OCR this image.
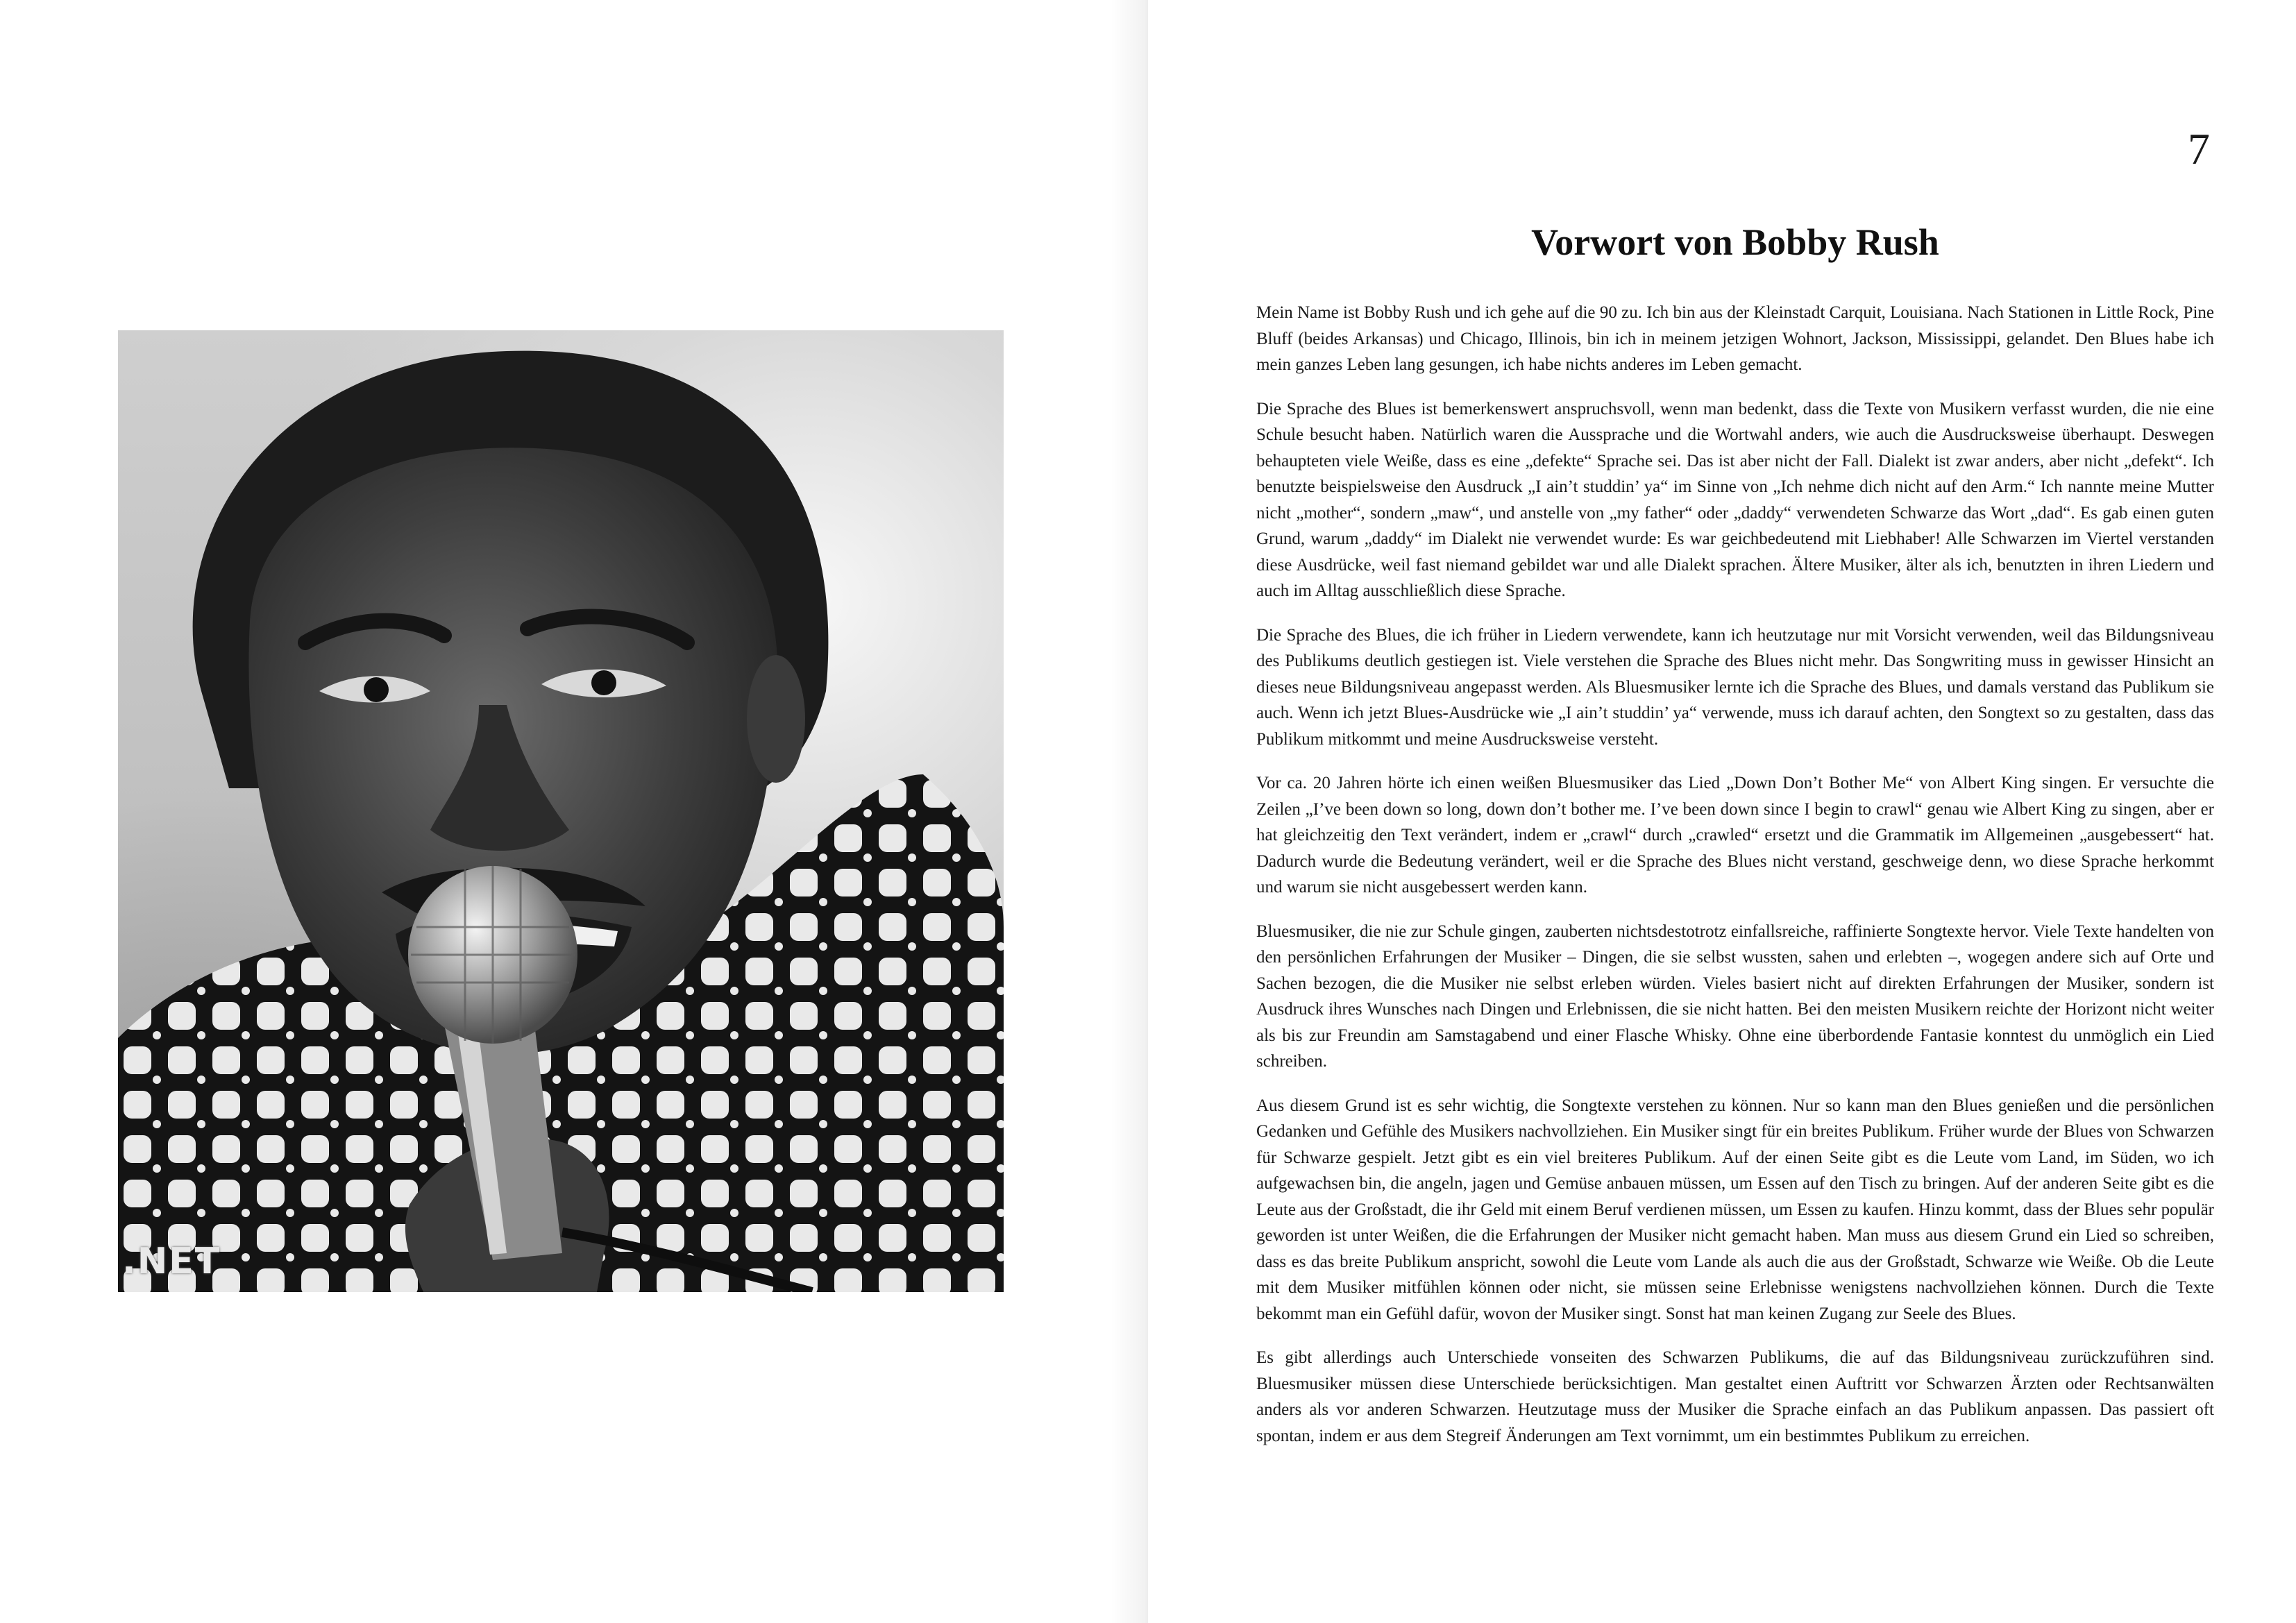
.NET
7
Vorwort von Bobby Rush

Mein Name ist Bobby Rush und ich gehe auf die 90 zu. Ich bin aus der Kleinstadt Carquit, Louisiana. Nach Stationen in Little Rock, Pine Bluff (beides Arkansas) und Chicago, Illinois, bin ich in meinem jetzigen Wohnort, Jackson, Mississippi, gelandet. Den Blues habe ich mein ganzes Leben lang gesungen, ich habe nichts anderes im Leben gemacht.

Die Sprache des Blues ist bemerkenswert anspruchsvoll, wenn man bedenkt, dass die Texte von Musikern verfasst wurden, die nie eine Schule besucht haben. Natürlich waren die Aussprache und die Wortwahl anders, wie auch die Ausdrucksweise überhaupt. Deswegen behaupteten viele Weiße, dass es eine „defekte“ Sprache sei. Das ist aber nicht der Fall. Dialekt ist zwar anders, aber nicht „defekt“. Ich benutzte beispielsweise den Ausdruck „I ain’t studdin’ ya“ im Sinne von „Ich nehme dich nicht auf den Arm.“ Ich nannte meine Mutter nicht „mother“, sondern „maw“, und anstelle von „my father“ oder „daddy“ verwendeten Schwarze das Wort „dad“. Es gab einen guten Grund, warum „daddy“ im Dialekt nie verwendet wurde: Es war geichbedeutend mit Liebhaber! Alle Schwarzen im Viertel verstanden diese Ausdrücke, weil fast niemand gebildet war und alle Dialekt sprachen. Ältere Musiker, älter als ich, benutzten in ihren Liedern und auch im Alltag ausschließlich diese Sprache.

Die Sprache des Blues, die ich früher in Liedern verwendete, kann ich heutzutage nur mit Vorsicht verwenden, weil das Bildungsniveau des Publikums deutlich gestiegen ist. Viele verstehen die Sprache des Blues nicht mehr. Das Songwriting muss in gewisser Hinsicht an dieses neue Bildungsniveau angepasst werden. Als Bluesmusiker lernte ich die Sprache des Blues, und damals verstand das Publikum sie auch. Wenn ich jetzt Blues-Ausdrücke wie „I ain’t studdin’ ya“ verwende, muss ich darauf achten, den Songtext so zu gestalten, dass das Publikum mitkommt und meine Ausdrucksweise versteht.

Vor ca. 20 Jahren hörte ich einen weißen Bluesmusiker das Lied „Down Don’t Bother Me“ von Albert King singen. Er versuchte die Zeilen „I’ve been down so long, down don’t bother me. I’ve been down since I begin to crawl“ genau wie Albert King zu singen, aber er hat gleichzeitig den Text verändert, indem er „crawl“ durch „crawled“ ersetzt und die Grammatik im Allgemeinen „ausgebessert“ hat. Dadurch wurde die Bedeutung verändert, weil er die Sprache des Blues nicht verstand, geschweige denn, wo diese Sprache herkommt und warum sie nicht ausgebessert werden kann.

Bluesmusiker, die nie zur Schule gingen, zauberten nichtsdestotrotz einfallsreiche, raffinierte Songtexte hervor. Viele Texte handelten von den persönlichen Erfahrungen der Musiker – Dingen, die sie selbst wussten, sahen und erlebten –, wogegen andere sich auf Orte und Sachen bezogen, die die Musiker nie selbst erleben würden. Vieles basiert nicht auf direkten Erfahrungen der Musiker, sondern ist Ausdruck ihres Wunsches nach Dingen und Erlebnissen, die sie nicht hatten. Bei den meisten Musikern reichte der Horizont nicht weiter als bis zur Freundin am Samstagabend und einer Flasche Whisky. Ohne eine überbordende Fantasie konntest du unmöglich ein Lied schreiben.

Aus diesem Grund ist es sehr wichtig, die Songtexte verstehen zu können. Nur so kann man den Blues genießen und die persönlichen Gedanken und Gefühle des Musikers nachvollziehen. Ein Musiker singt für ein breites Publikum. Früher wurde der Blues von Schwarzen für Schwarze gespielt. Jetzt gibt es ein viel breiteres Publikum. Auf der einen Seite gibt es die Leute vom Land, im Süden, wo ich aufgewachsen bin, die angeln, jagen und Gemüse anbauen müssen, um Essen auf den Tisch zu bringen. Auf der anderen Seite gibt es die Leute aus der Großstadt, die ihr Geld mit einem Beruf verdienen müssen, um Essen zu kaufen. Hinzu kommt, dass der Blues sehr populär geworden ist unter Weißen, die die Erfahrungen der Musiker nicht gemacht haben. Man muss aus diesem Grund ein Lied so schreiben, dass es das breite Publikum anspricht, sowohl die Leute vom Lande als auch die aus der Großstadt, Schwarze wie Weiße. Ob die Leute mit dem Musiker mitfühlen können oder nicht, sie müssen seine Erlebnisse wenigstens nachvollziehen können. Durch die Texte bekommt man ein Gefühl dafür, wovon der Musiker singt. Sonst hat man keinen Zugang zur Seele des Blues.

Es gibt allerdings auch Unterschiede vonseiten des Schwarzen Publikums, die auf das Bildungsniveau zurückzuführen sind. Bluesmusiker müssen diese Unterschiede berücksichtigen. Man gestaltet einen Auftritt vor Schwarzen Ärzten oder Rechtsanwälten anders als vor anderen Schwarzen. Heutzutage muss der Musiker die Sprache einfach an das Publikum anpassen. Das passiert oft spontan, indem er aus dem Stegreif Änderungen am Text vornimmt, um ein bestimmtes Publikum zu erreichen.
